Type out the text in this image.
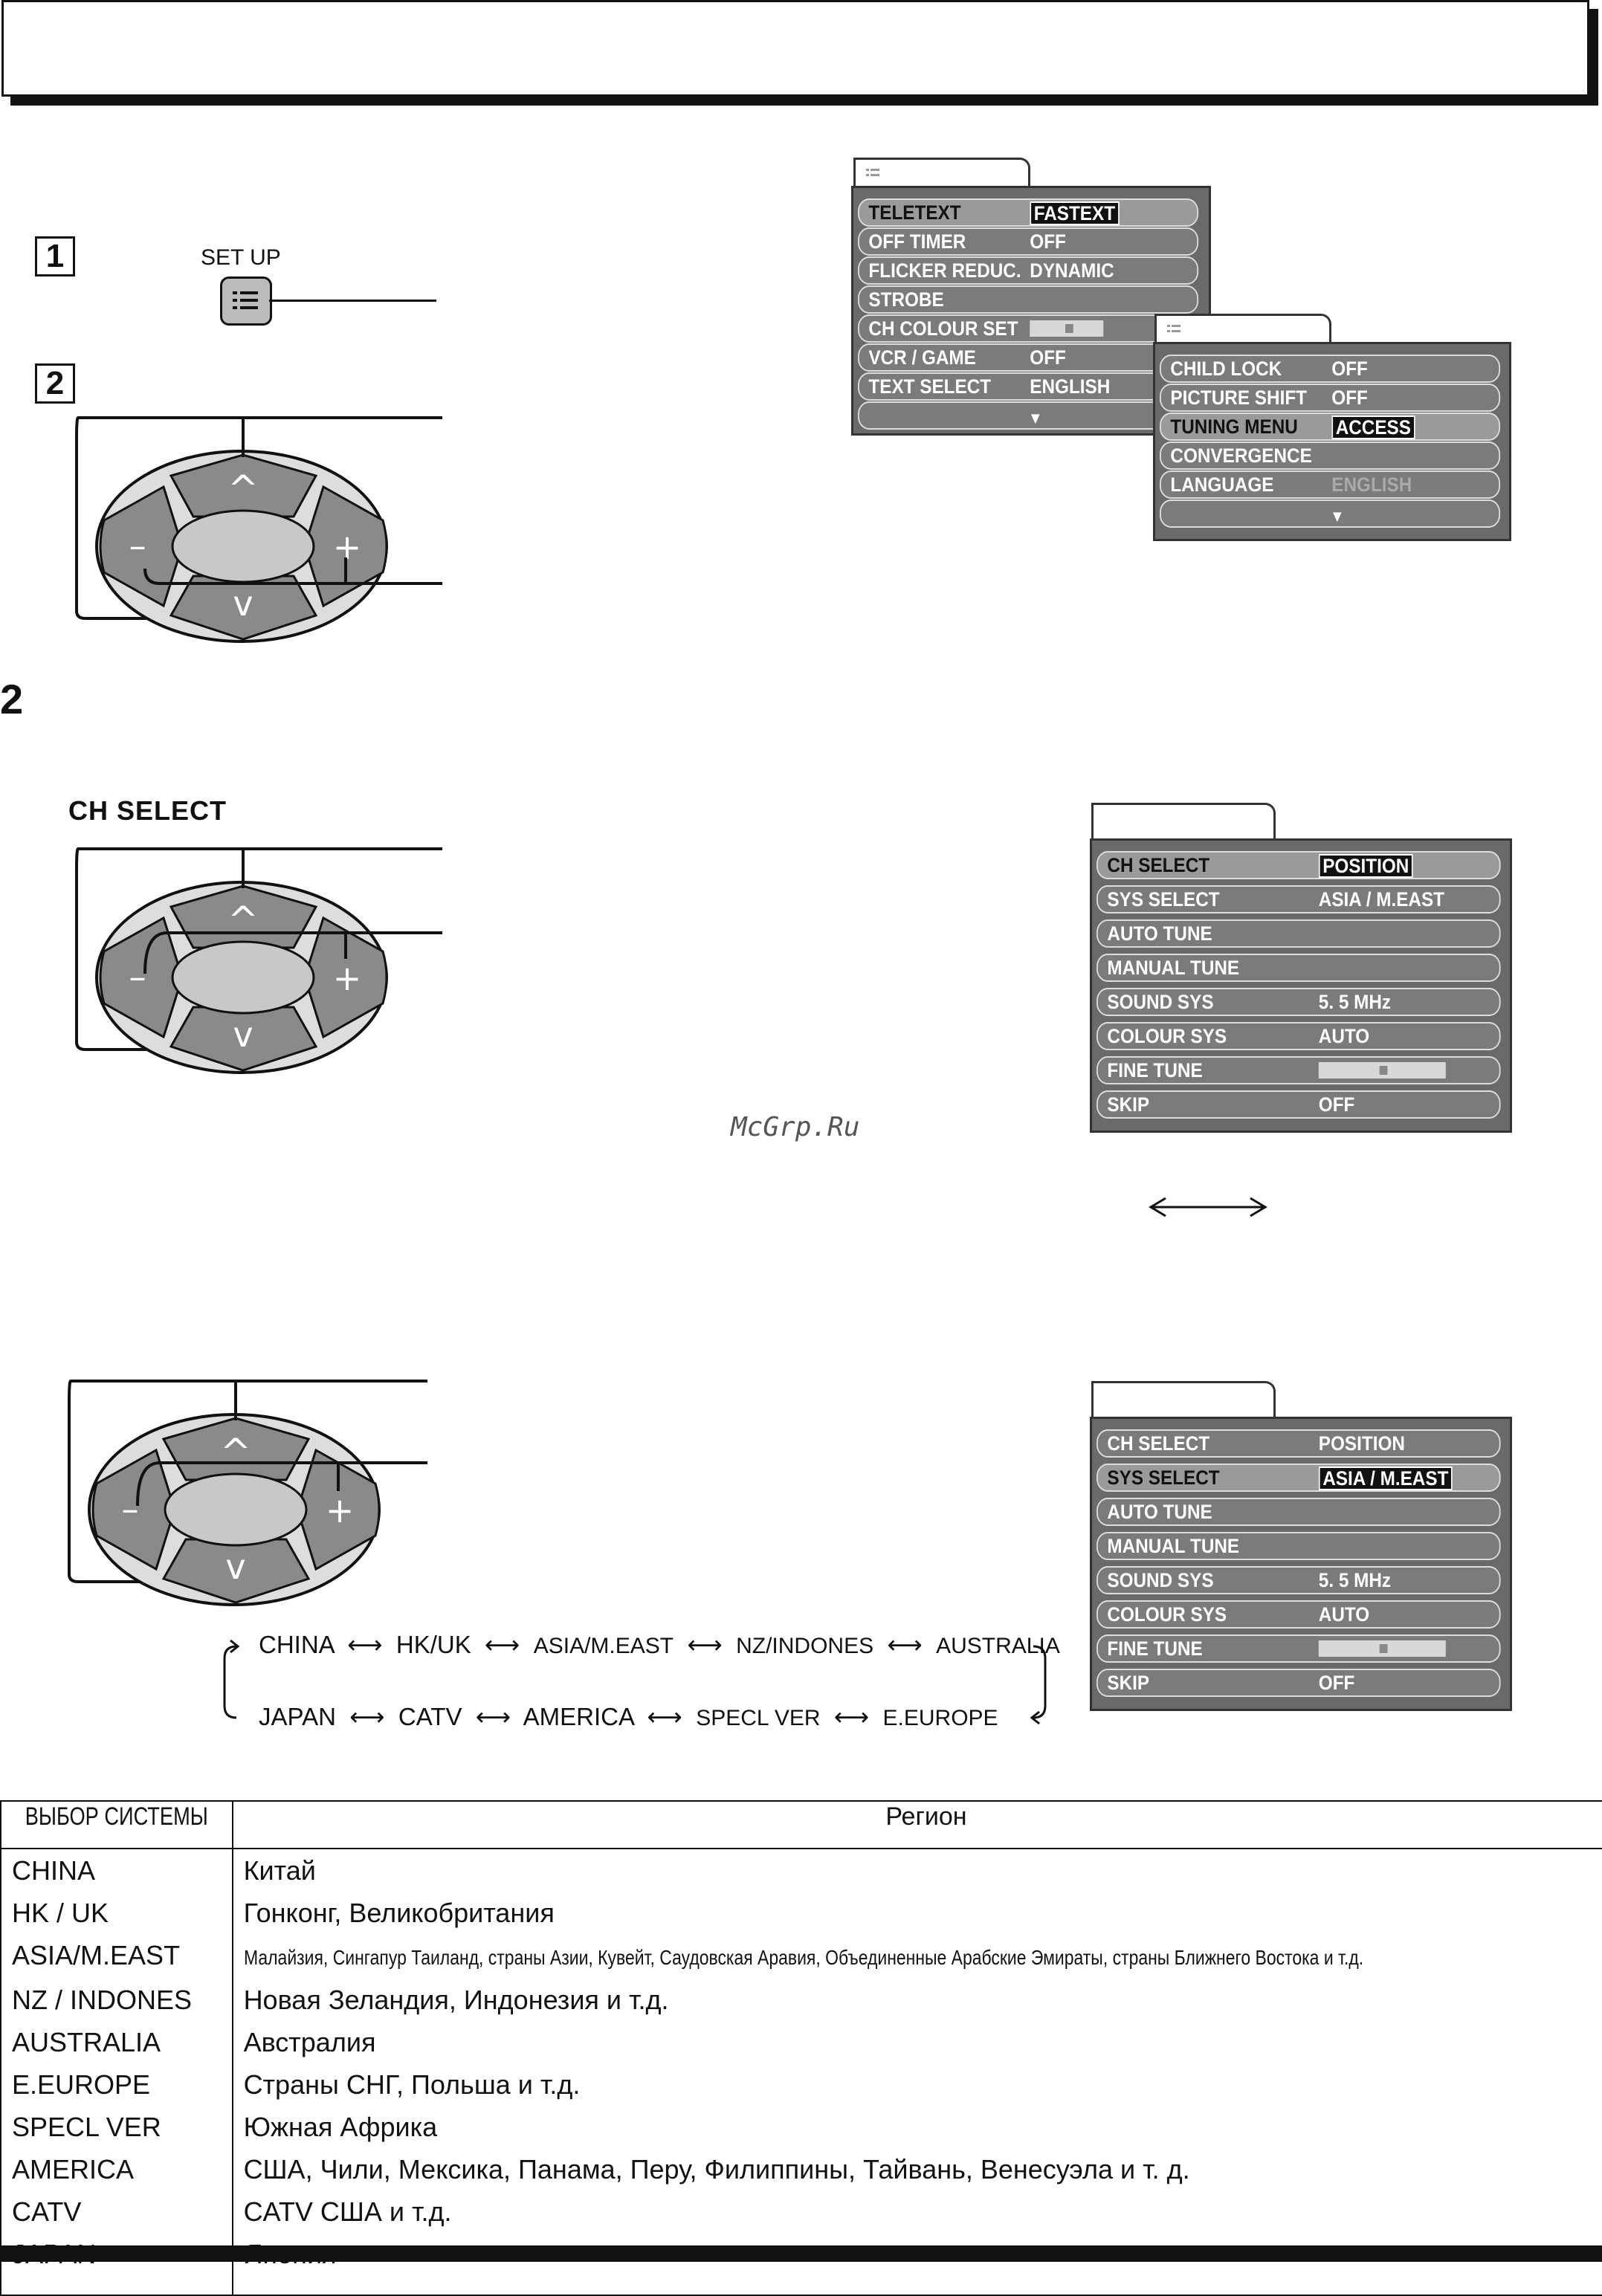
1	SET UP
2
^
v
–	+
TELETEXT	FASTEXT
OFF TIMER	OFF
FLICKER REDUC. DYNAMIC
STROBE
CH COLOUR SET
VCR / GAME	OFF
TEXT SELECT ENGLISH
▼
CHILD LOCK OFF
PICTURE SHIFT OFF
TUNING MENU ACCESS
CONVERGENCE
LANGUAGE	ENGLISH
▼
2
CH SELECT
^
v
–	+
CH SELECT	POSITION
SYS SELECT	ASIA / M.EAST
AUTO TUNE
MANUAL TUNE
SOUND SYS	5. 5 MHz
COLOUR SYS	AUTO
FINE TUNE
SKIP	OFF
McGrp.Ru
^
v
–	+
CH SELECT	POSITION
SYS SELECT	ASIA / M.EAST
AUTO TUNE
MANUAL TUNE
SOUND SYS	5. 5 MHz
COLOUR SYS	AUTO
FINE TUNE
SKIP	OFF
CHINA  ⟷  HK/UK  ⟷  ASIA/M.EAST  ⟷  NZ/INDONES  ⟷  AUSTRALIA
JAPAN  ⟷  CATV  ⟷  AMERICA  ⟷  SPECL VER  ⟷  E.EUROPE
ВЫБОР СИСТЕМЫ	Регион
CHINA	Китай
HK / UK	Гонконг, Великобритания
ASIA/M.EAST	Малайзия, Сингапур Таиланд, страны Азии, Кувейт, Саудовская Аравия, Объединенные Арабские Эмираты, страны Ближнего Востока и т.д.
NZ / INDONES	Новая Зеландия, Индонезия и т.д.
AUSTRALIA	Австралия
E.EUROPE	Страны СНГ, Польша и т.д.
SPECL VER	Южная Африка
AMERICA	США, Чили, Мексика, Панама, Перу, Филиппины, Тайвань, Венесуэла и т. д.
CATV	CATV США и т.д.
